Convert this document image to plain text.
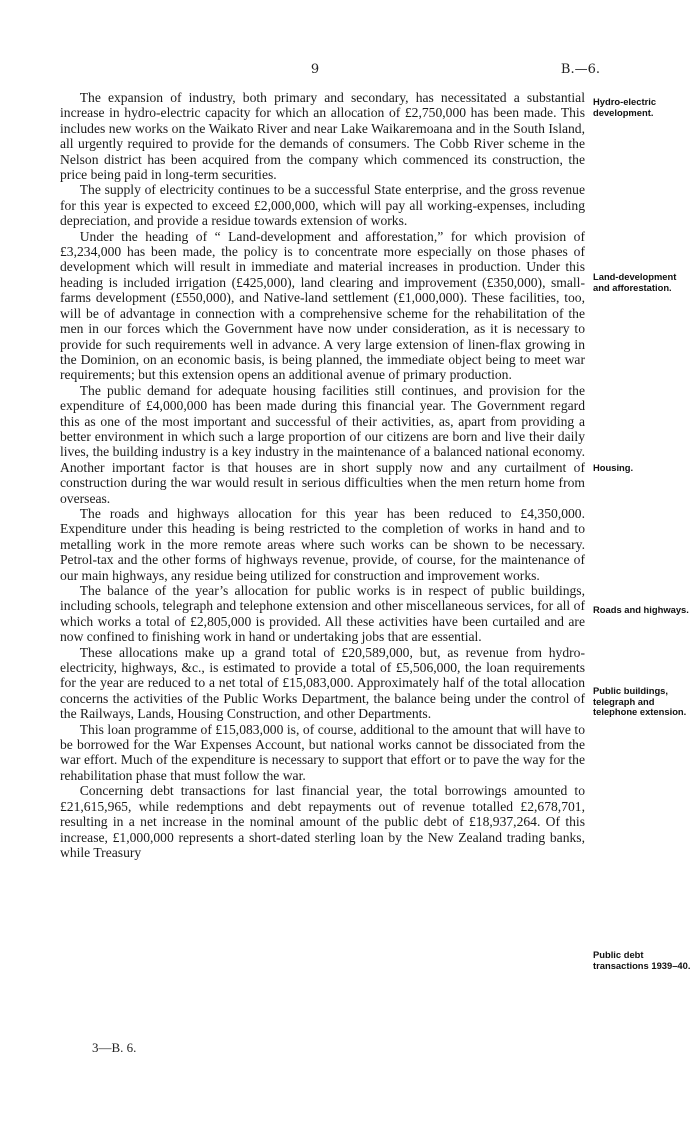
9	B.—6.

The expansion of industry, both primary and secondary, has necessitated a substantial increase in hydro-electric capacity for which an allocation of £2,750,000 has been made. This includes new works on the Waikato River and near Lake Waikaremoana and in the South Island, all urgently required to provide for the demands of consumers. The Cobb River scheme in the Nelson district has been acquired from the company which commenced its construction, the price being paid in long-term securities.

The supply of electricity continues to be a successful State enterprise, and the gross revenue for this year is expected to exceed £2,000,000, which will pay all working-expenses, including depreciation, and provide a residue towards extension of works.

Under the heading of “ Land-development and afforestation,” for which provision of £3,234,000 has been made, the policy is to concentrate more especially on those phases of development which will result in immediate and material increases in production. Under this heading is included irrigation (£425,000), land clearing and improvement (£350,000), small-farms development (£550,000), and Native-land settlement (£1,000,000). These facilities, too, will be of advantage in connection with a comprehensive scheme for the rehabilitation of the men in our forces which the Government have now under consideration, as it is necessary to provide for such requirements well in advance. A very large extension of linen-flax growing in the Dominion, on an economic basis, is being planned, the immediate object being to meet war requirements; but this extension opens an additional avenue of primary production.

The public demand for adequate housing facilities still continues, and provision for the expenditure of £4,000,000 has been made during this financial year. The Government regard this as one of the most important and successful of their activities, as, apart from providing a better environment in which such a large proportion of our citizens are born and live their daily lives, the building industry is a key industry in the maintenance of a balanced national economy. Another important factor is that houses are in short supply now and any curtailment of construction during the war would result in serious difficulties when the men return home from overseas.

The roads and highways allocation for this year has been reduced to £4,350,000. Expenditure under this heading is being restricted to the completion of works in hand and to metalling work in the more remote areas where such works can be shown to be necessary. Petrol-tax and the other forms of highways revenue, provide, of course, for the maintenance of our main highways, any residue being utilized for construction and improvement works.

The balance of the year’s allocation for public works is in respect of public buildings, including schools, telegraph and telephone extension and other miscellaneous services, for all of which works a total of £2,805,000 is provided. All these activities have been curtailed and are now confined to finishing work in hand or undertaking jobs that are essential.

These allocations make up a grand total of £20,589,000, but, as revenue from hydro-electricity, highways, &c., is estimated to provide a total of £5,506,000, the loan requirements for the year are reduced to a net total of £15,083,000. Approximately half of the total allocation concerns the activities of the Public Works Department, the balance being under the control of the Railways, Lands, Housing Construction, and other Departments.

This loan programme of £15,083,000 is, of course, additional to the amount that will have to be borrowed for the War Expenses Account, but national works cannot be dissociated from the war effort. Much of the expenditure is necessary to support that effort or to pave the way for the rehabilitation phase that must follow the war.

Concerning debt transactions for last financial year, the total borrowings amounted to £21,615,965, while redemptions and debt repayments out of revenue totalled £2,678,701, resulting in a net increase in the nominal amount of the public debt of £18,937,264. Of this increase, £1,000,000 represents a short-dated sterling loan by the New Zealand trading banks, while Treasury

Hydro-electric development.
Land-development and afforestation.
Housing.
Roads and highways.
Public buildings, telegraph and telephone extension.
Public debt transactions 1939–40.
3—B. 6.
